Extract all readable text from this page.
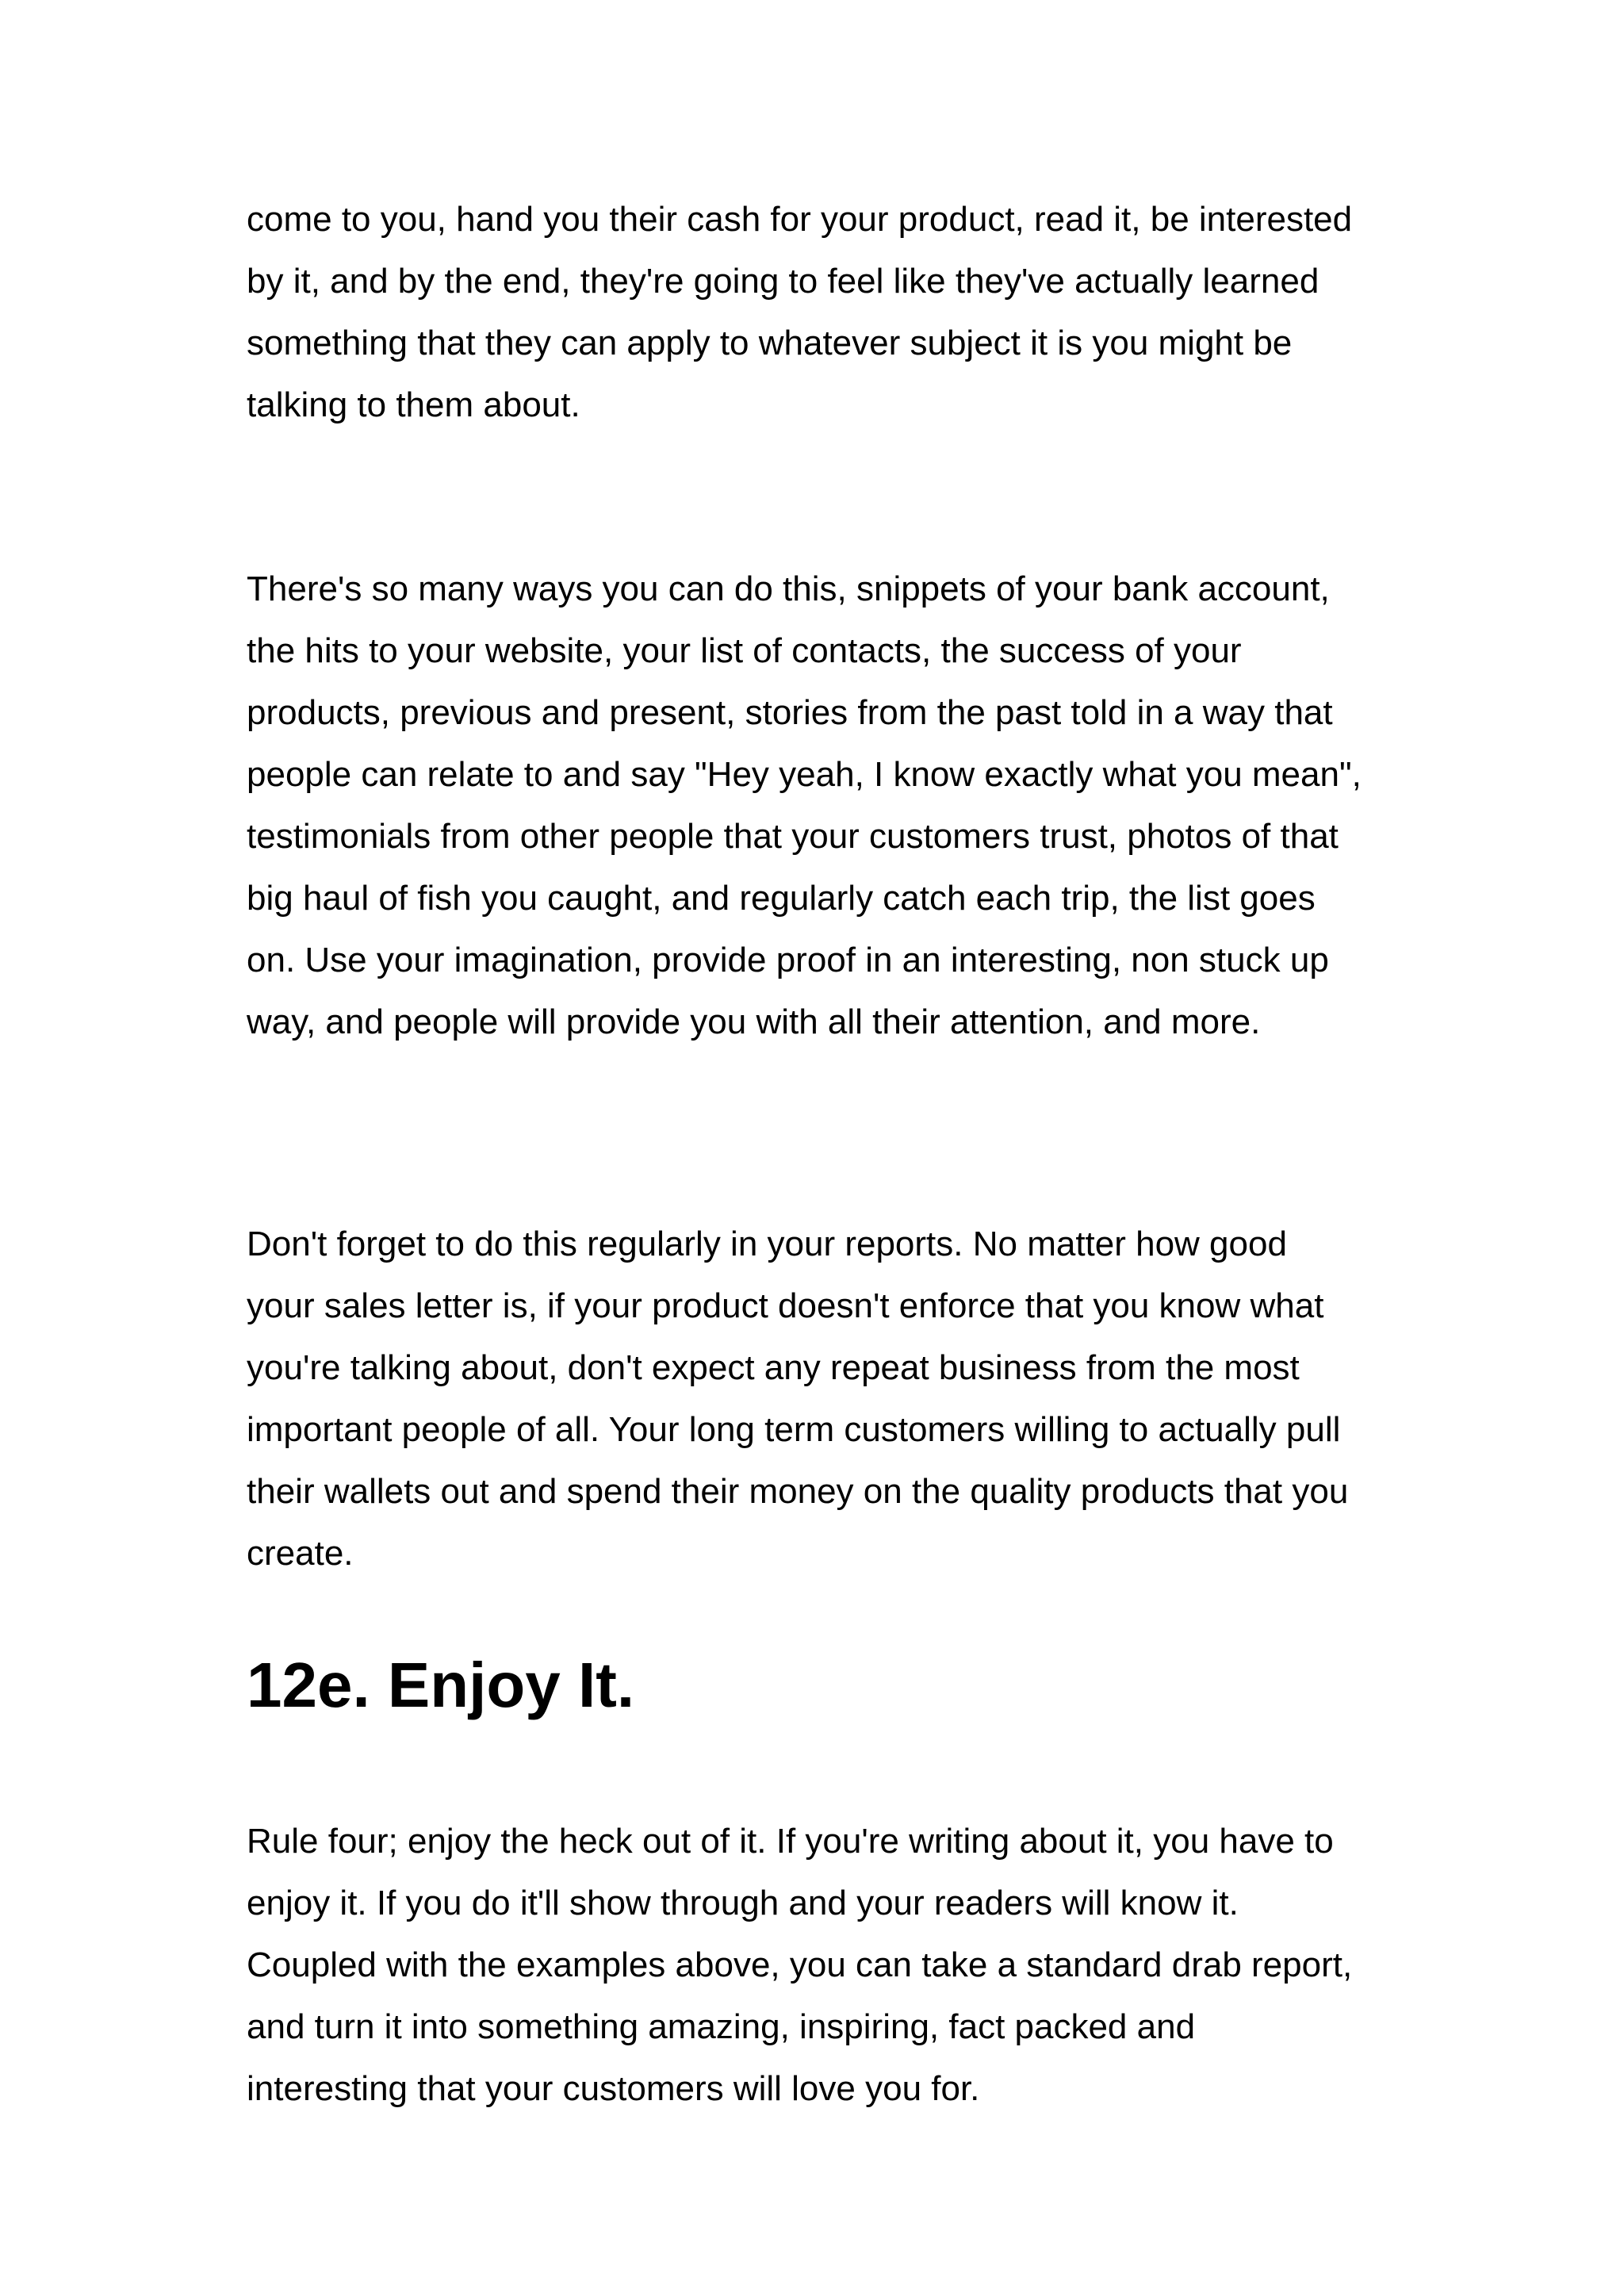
come to you, hand you their cash for your product, read it, be interested
by it, and by the end, they're going to feel like they've actually learned
something that they can apply to whatever subject it is you might be
talking to them about.

There's so many ways you can do this, snippets of your bank account,
the hits to your website, your list of contacts, the success of your
products, previous and present, stories from the past told in a way that
people can relate to and say "Hey yeah, I know exactly what you mean",
testimonials from other people that your customers trust, photos of that
big haul of fish you caught, and regularly catch each trip, the list goes
on. Use your imagination, provide proof in an interesting, non stuck up
way, and people will provide you with all their attention, and more.

Don't forget to do this regularly in your reports. No matter how good
your sales letter is, if your product doesn't enforce that you know what
you're talking about, don't expect any repeat business from the most
important people of all. Your long term customers willing to actually pull
their wallets out and spend their money on the quality products that you
create.

12e. Enjoy It.

Rule four; enjoy the heck out of it. If you're writing about it, you have to
enjoy it. If you do it'll show through and your readers will know it.
Coupled with the examples above, you can take a standard drab report,
and turn it into something amazing, inspiring, fact packed and
interesting that your customers will love you for.
